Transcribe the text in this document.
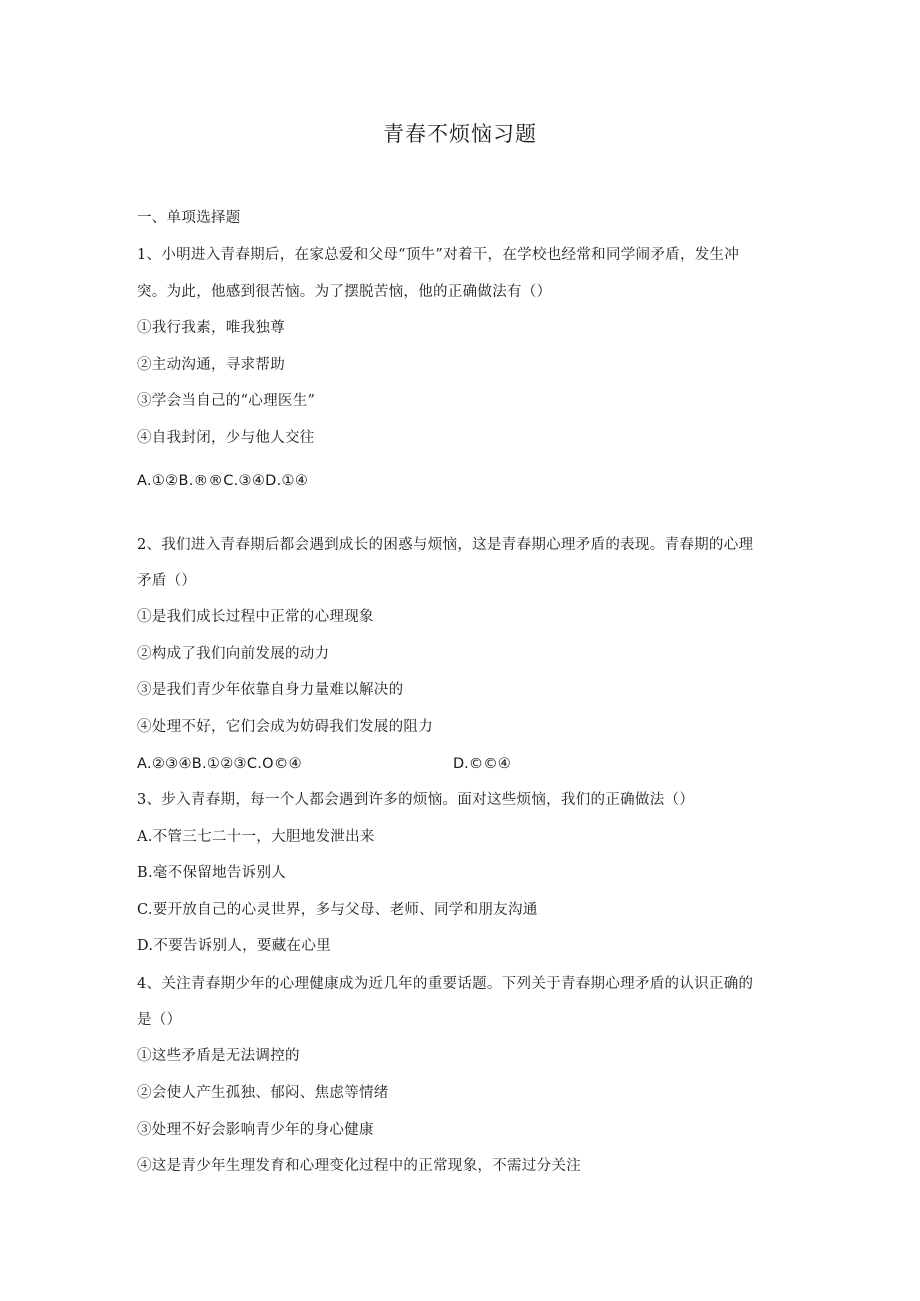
青春不烦恼习题
一、单项选择题
1、小明进入青春期后，在家总爱和父母“顶牛”对着干，在学校也经常和同学闹矛盾，发生冲
突。为此，他感到很苦恼。为了摆脱苦恼，他的正确做法有（）
①我行我素，唯我独尊
②主动沟通，寻求帮助
③学会当自己的“心理医生”
④自我封闭，少与他人交往
A.①②B.®®C.③④D.①④
2、我们进入青春期后都会遇到成长的困惑与烦恼，这是青春期心理矛盾的表现。青春期的心理
矛盾（）
①是我们成长过程中正常的心理现象
②构成了我们向前发展的动力
③是我们青少年依靠自身力量难以解决的
④处理不好，它们会成为妨碍我们发展的阻力
A.②③④B.①②③C.O©④	D.©©④
3、步入青春期，每一个人都会遇到许多的烦恼。面对这些烦恼，我们的正确做法（）
A.不管三七二十一，大胆地发泄出来
B.毫不保留地告诉别人
C.要开放自己的心灵世界，多与父母、老师、同学和朋友沟通
D.不要告诉别人，要藏在心里
4、关注青春期少年的心理健康成为近几年的重要话题。下列关于青春期心理矛盾的认识正确的
是（）
①这些矛盾是无法调控的
②会使人产生孤独、郁闷、焦虑等情绪
③处理不好会影响青少年的身心健康
④这是青少年生理发育和心理变化过程中的正常现象，不需过分关注
